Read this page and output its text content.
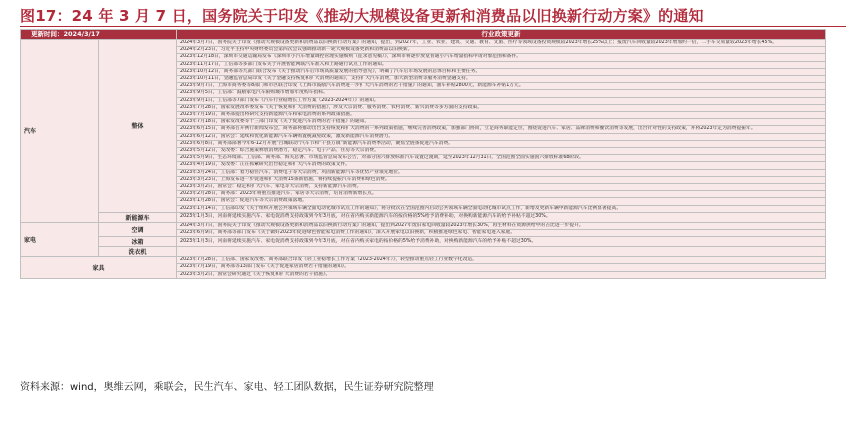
图17：24 年 3 月 7 日，国务院关于印发《推动大规模设备更新和消费品以旧换新行动方案》的通知
更新时间：2024/3/17		行业政策更新
汽车	整体	2024年3月7日，国务院关于印发《推动大规模设备更新和消费品以旧换新行动方案》的通知，提出，到2027年，工业、农业、建筑、交通、教育、文旅、医疗等领域设备投资规模较2023年增长25%以上；报废汽车回收量较2023年增加约一倍，二手车交易量较2023年增长45%。
		2024年2月23日，习近平主持中央财经委员会第四次会议强调推动新一轮大规模设备更新和消费品以旧换新。
		2023年12月18日，深圳市交通运输局发布《深圳市小汽车增量调控管理实施细则（征求意见稿）》，深圳市将逐步放宽普通小汽车增量指标申请对象范围和条件。
		2023年11月17日，工信部等多部门发布关于开展智能网联汽车准入和上路通行试点工作的通知。
		2023年10月12日，商务部等九部门联合发布《关于推动汽车后市场高质量发展的指导意见》，明确了汽车后市场发展的总体目标和主要任务。
		2023年10月11日，金融监管总局印发《关于金融支持恢复和扩大消费的通知》，支持扩大汽车消费，加大新型消费等服务消费金融支持。
		2023年9月7日，上海市商务委等8部门和市区联合印发《上海市鼓励汽车消费进一步扩大汽车消费的若干措施》的通知，油车补贴2800元，新能源车补贴1万元。
		2023年9月5日，工信部：鼓励家电汽车限购城市增加年度购车指标。
		2023年9月1日，工信部等7部门发布《汽车行业稳增长工作方案（2023-2024年）》的通知。
		2023年7月28日，国家发展改革委发布《关于恢复和扩大消费的措施》，涉及大宗消费、服务消费、农村消费、新兴消费等多方面的支持政策。
		2023年7月19日，商务部提出将研究支持新能源汽车和家电消费的系列政策措施。
		2023年7月18日，国家发改委等十三部门印发《关于促进汽车消费的若干措施》的通知。
		2023年6月15日，商务部召开例行新闻发布会，商务部将推动出台支持恢复和扩大消费的一系列政策措施，继续完善消费政策，加强部门协同，立足商务职能定位，围绕促进汽车、家居、品牌消费和餐饮消费等发展，出台针对性的支持政策，并将2023年定为消费提振年。
		2023年6月12日，国常会：延续和优化新能源汽车车辆购置税减免政策，激发新能源汽车消费潜力。
		2023年6月8日，商务部部署今年6-12月开展"百城联动"汽车节和"千县万镇"新能源汽车消费季活动，聚焦全链条促进汽车消费。
		2023年5月12日，发改委：综合施策释放消费潜力，稳定汽车、电子产品、住房等大宗消费。
		2023年5月9日，生态环境部、工信部、商务部、海关总署、市场监管总局发布公告，对部分国六排放标准汽车设置过渡期，延至2023年12月31日，全国范围全面实施国六排放标准6b阶段。
		2023年4月19日，发改委：正在抓紧研究出台稳定和扩大汽车消费的政策文件。
		2023年3月24日，工信部：着力稳住汽车、消费电子等大宗消费，巩固新能源汽车等优势产业领先地位。
		2023年3月23日，上海发布进一步促进和扩大消费15条新措施，将持续提振汽车消费和绿色消费。
		2023年3月2日，国常会：稳定和扩大汽车、家电等大宗消费，支持新能源汽车消费。
		2023年2月28日，商务部：2023年将重点推进汽车、家居等大宗消费，培育消费新增长点。
		2023年1月28日，国常会：促进汽车等大宗消费政策落地。
		2023年1月14日，工信部印发《关于组织开展公共领域车辆全面电动化城市试点工作的通知》，将分批次在全国范围内启动公共领域车辆全面电动化城市试点工作，新增及更新车辆中新能源汽车比例显著提高。
	新能源车	2023年1月3日，河南将延续实施汽车、家电促消费支持政策到今年3月底，对在省内购买新能源汽车的按价格的5%给予消费补助，对换购新能源汽车的给予补贴不超过30%。
家电	空调	2024年3月7日，国务院关于印发《推动大规模设备更新和消费品以旧换新行动方案》的通知，提出到2027年废旧家电回收量较2023年增长30%，再生材料在资源供给中的占比进一步提升。
		2023年6月9日，商务部等部门发布《关于做好2023年促进绿色智能家电消费工作的通知》，深入开展家电以旧换新，积极推进绿色家电、智能家电进入家庭。
	冰箱	2023年1月3日，河南将延续实施汽车、家电促消费支持政策到今年3月底，对在省内购买家电的按价格的5%给予消费补助，对换购新能源汽车的给予补贴不超过30%。
	洗衣机	
家具		2023年7月28日，工信部、国家发改委、商务部联合印发《轻工业稳增长工作方案（2023-2024年）》，转型推动重点轻工行业数字化改造。
		2023年7月19日，商务部等13部门发布《关于促进家居消费若干措施的通知》。
		2023年3月2日，国常会研究通过《关于恢复和扩大消费的若干措施》。
资料来源：wind，奥维云网，乘联会，民生汽车、家电、轻工团队数据，民生证券研究院整理
